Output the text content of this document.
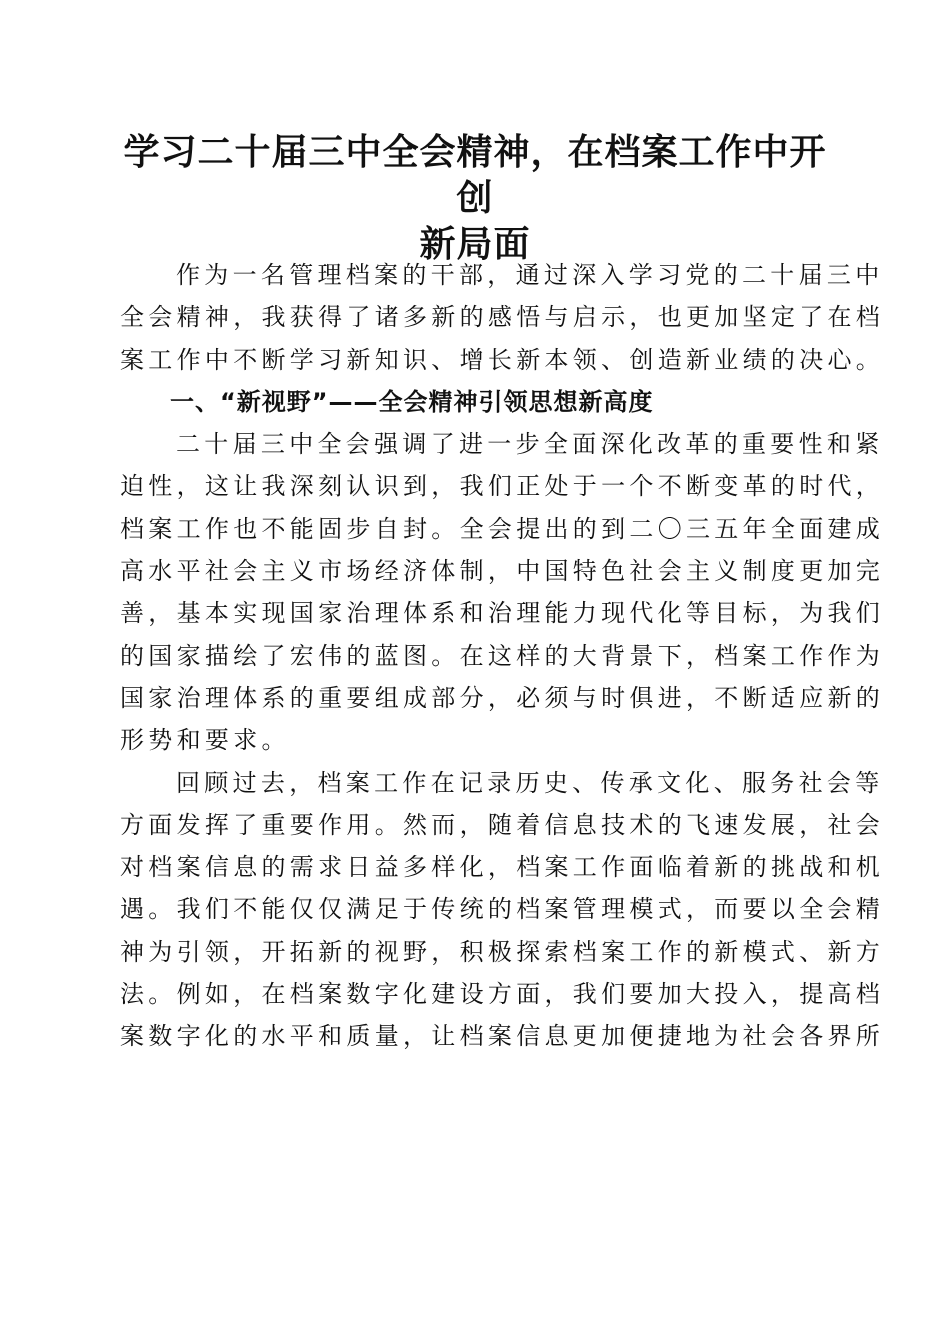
学习二十届三中全会精神，在档案工作中开创
新局面
作为一名管理档案的干部，通过深入学习党的二十届三中
全会精神，我获得了诸多新的感悟与启示，也更加坚定了在档
案工作中不断学习新知识、增长新本领、创造新业绩的决心。
一、“新视野”——全会精神引领思想新高度
二十届三中全会强调了进一步全面深化改革的重要性和紧
迫性，这让我深刻认识到，我们正处于一个不断变革的时代，
档案工作也不能固步自封。全会提出的到二〇三五年全面建成
高水平社会主义市场经济体制，中国特色社会主义制度更加完
善，基本实现国家治理体系和治理能力现代化等目标，为我们
的国家描绘了宏伟的蓝图。在这样的大背景下，档案工作作为
国家治理体系的重要组成部分，必须与时俱进，不断适应新的
形势和要求。
回顾过去，档案工作在记录历史、传承文化、服务社会等
方面发挥了重要作用。然而，随着信息技术的飞速发展，社会
对档案信息的需求日益多样化，档案工作面临着新的挑战和机
遇。我们不能仅仅满足于传统的档案管理模式，而要以全会精
神为引领，开拓新的视野，积极探索档案工作的新模式、新方
法。例如，在档案数字化建设方面，我们要加大投入，提高档
案数字化的水平和质量，让档案信息更加便捷地为社会各界所
